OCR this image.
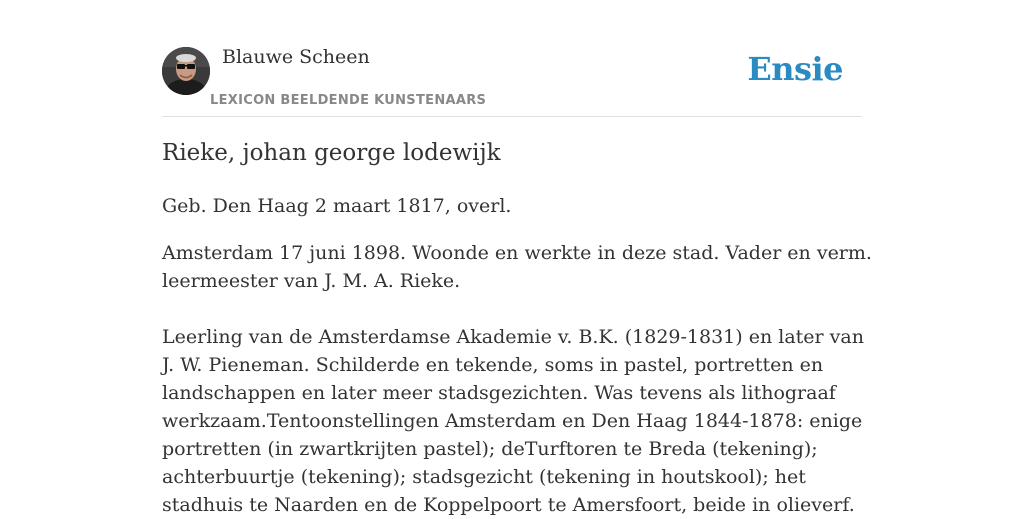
Blauwe Scheen
LEXICON BEELDENDE KUNSTENAARS
Ensie
Rieke, johan george lodewijk

Geb. Den Haag 2 maart 1817, overl.

Amsterdam 17 juni 1898. Woonde en werkte in deze stad. Vader en verm. leermeester van J. M. A. Rieke.

Leerling van de Amsterdamse Akademie v. B.K. (1829-1831) en later van J. W. Pieneman. Schilderde en tekende, soms in pastel, portretten en landschappen en later meer stadsgezichten. Was tevens als lithograaf werkzaam.Tentoonstellingen Amsterdam en Den Haag 1844-1878: enige portretten (in zwartkrijten pastel); deTurftoren te Breda (tekening); achterbuurtje (tekening); stadsgezicht (tekening in houtskool); het stadhuis te Naarden en de Koppelpoort te Amersfoort, beide in olieverf.
